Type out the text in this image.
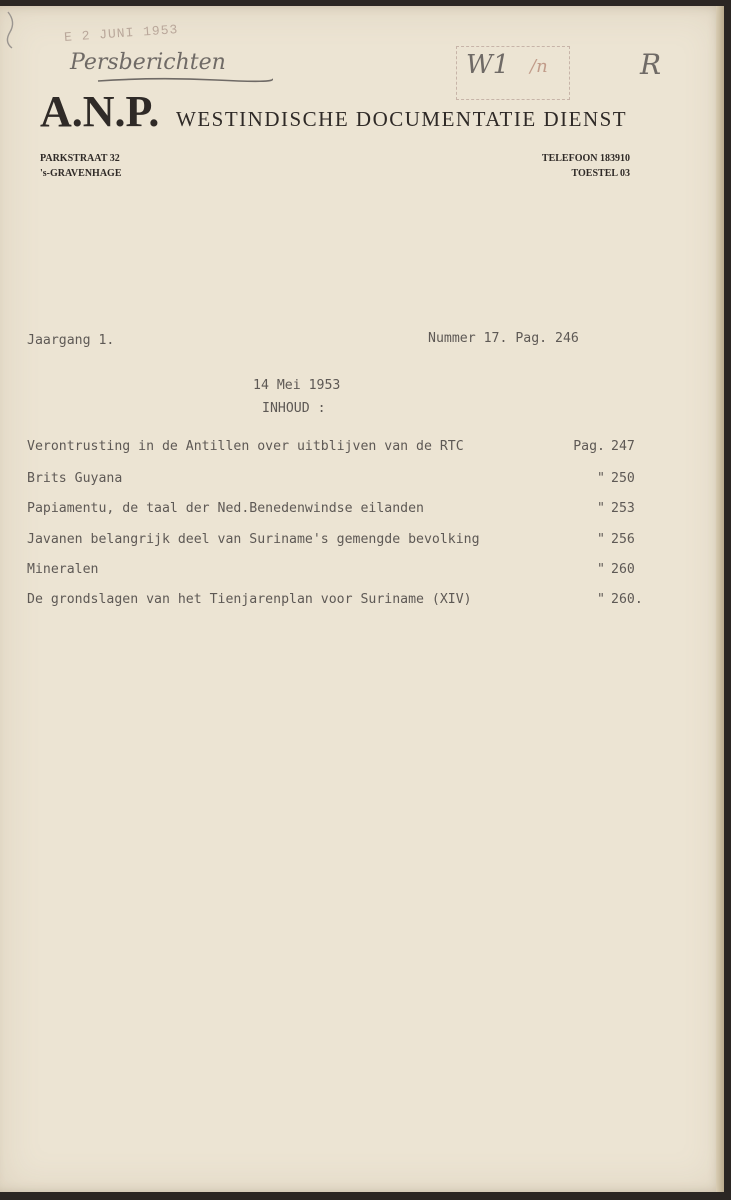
E 2 JUNI 1953
Persberichten	W1 /n	R
A.N.P. WESTINDISCHE DOCUMENTATIE DIENST
PARKSTRAAT 32
's-GRAVENHAGE
TELEFOON 183910
TOESTEL 03
Jaargang 1.	Nummer 17. Pag. 246
14 Mei 1953
INHOUD :
Verontrusting in de Antillen over uitblijven van de RTC	Pag. 247
Brits Guyana	" 250
Papiamentu, de taal der Ned.Benedenwindse eilanden	" 253
Javanen belangrijk deel van Suriname's gemengde bevolking	" 256
Mineralen	" 260
De grondslagen van het Tienjarenplan voor Suriname (XIV)	" 260.
